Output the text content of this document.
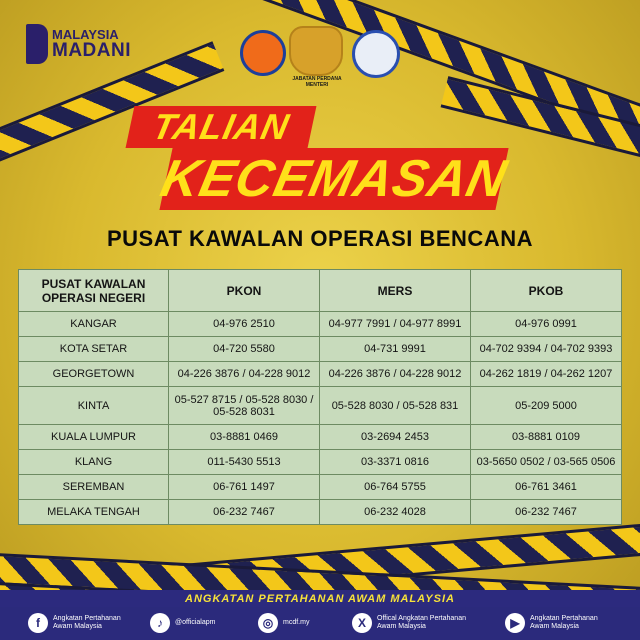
MALAYSIA
MADANI
JABATAN PERDANA MENTERI
TALIAN
KECEMASAN
PUSAT KAWALAN OPERASI BENCANA
PUSAT KAWALAN OPERASI NEGERI	PKON	MERS	PKOB
KANGAR	04-976 2510	04-977 7991 / 04-977 8991	04-976 0991
KOTA SETAR	04-720 5580	04-731 9991	04-702 9394 / 04-702 9393
GEORGETOWN	04-226 3876 / 04-228 9012	04-226 3876 / 04-228 9012	04-262 1819 / 04-262 1207
KINTA	05-527 8715 / 05-528 8030 / 05-528 8031	05-528 8030 / 05-528 831	05-209 5000
KUALA LUMPUR	03-8881 0469	03-2694 2453	03-8881 0109
KLANG	011-5430 5513	03-3371 0816	03-5650 0502 / 03-565 0506
SEREMBAN	06-761 1497	06-764 5755	06-761 3461
MELAKA TENGAH	06-232 7467	06-232 4028	06-232 7467
ANGKATAN PERTAHANAN AWAM MALAYSIA
f	Angkatan Pertahanan Awam Malaysia	♪	@officialapm	◎	mcdf.my	X	Offical Angkatan Pertahanan Awam Malaysia	▶	Angkatan Pertahanan Awam Malaysia
